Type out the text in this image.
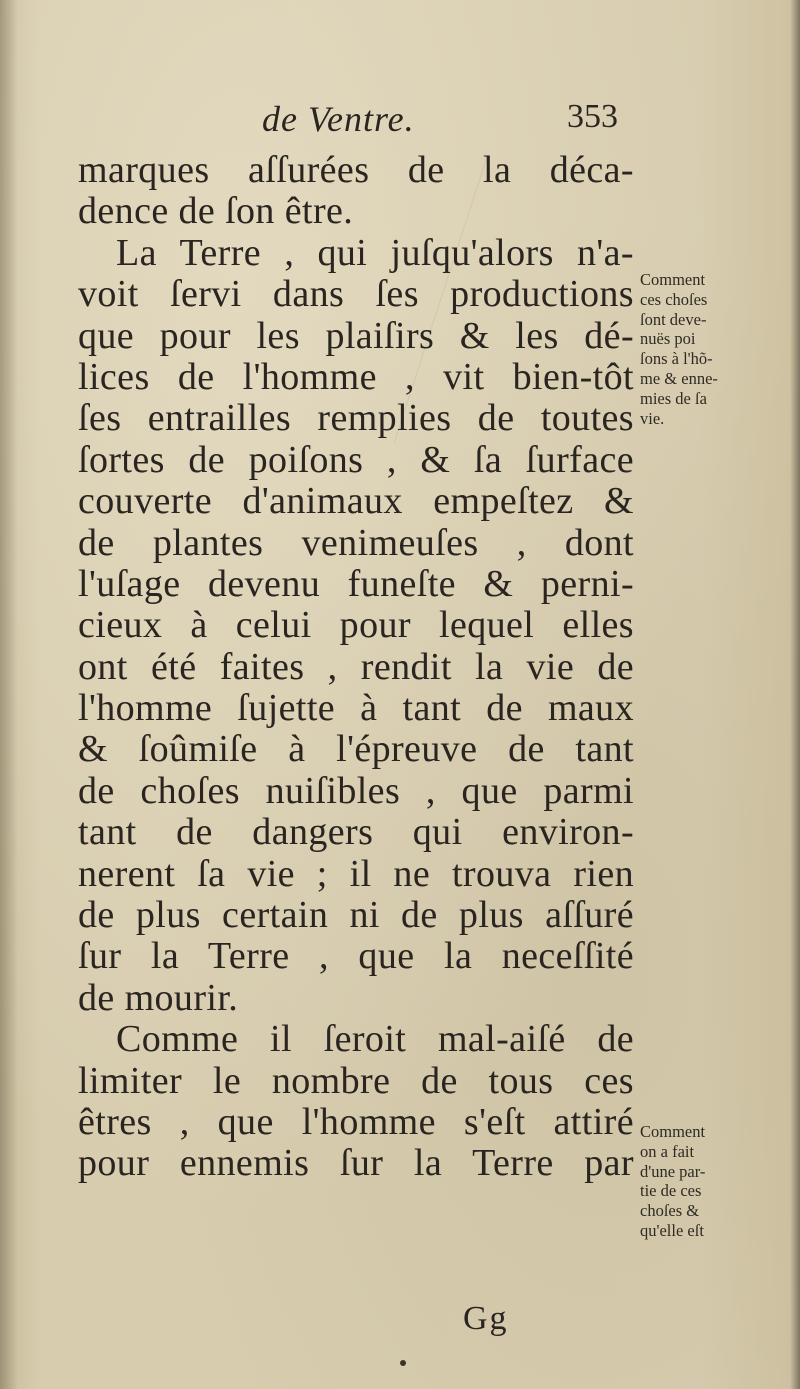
de Ventre.	353
marques aſſurées de la déca-
dence de ſon être.
La Terre , qui juſqu'alors n'a-
voit ſervi dans ſes productions
que pour les plaiſirs & les dé-
lices de l'homme , vit bien-tôt
ſes entrailles remplies de toutes
ſortes de poiſons , & ſa ſurface
couverte d'animaux empeſtez &
de plantes venimeuſes , dont
l'uſage devenu funeſte & perni-
cieux à celui pour lequel elles
ont été faites , rendit la vie de
l'homme ſujette à tant de maux
& ſoûmiſe à l'épreuve de tant
de choſes nuiſibles , que parmi
tant de dangers qui environ-
nerent ſa vie ; il ne trouva rien
de plus certain ni de plus aſſuré
ſur la Terre , que la neceſſité
de mourir.
Comme il ſeroit mal-aiſé de
limiter le nombre de tous ces
êtres , que l'homme s'eſt attiré
pour ennemis ſur la Terre par
Comment
ces choſes
ſont deve-
nuës poi
ſons à l'hõ-
me & enne-
mies de ſa
vie.
Comment
on a fait
d'une par-
tie de ces
choſes &
qu'elle eſt
Gg
